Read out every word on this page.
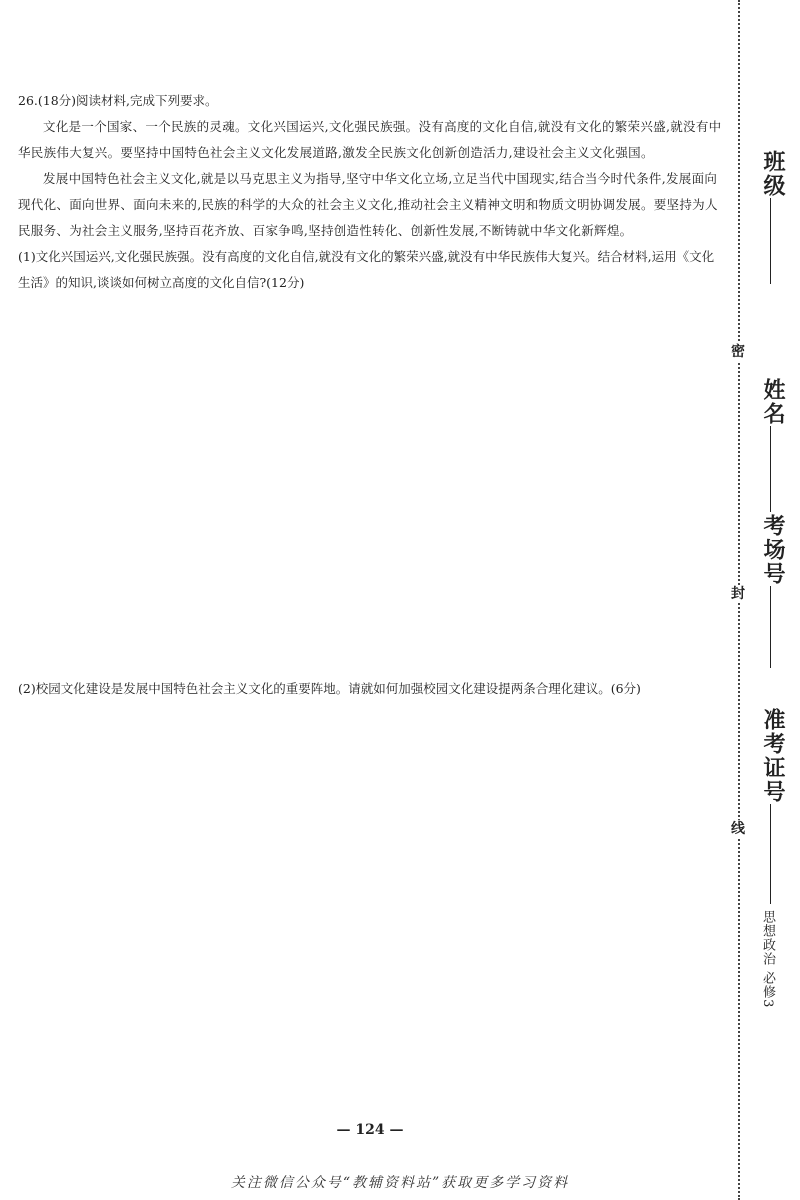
26.(18分)阅读材料,完成下列要求。

文化是一个国家、一个民族的灵魂。文化兴国运兴,文化强民族强。没有高度的文化自信,就没有文化的繁荣兴盛,就没有中华民族伟大复兴。要坚持中国特色社会主义文化发展道路,激发全民族文化创新创造活力,建设社会主义文化强国。

发展中国特色社会主义文化,就是以马克思主义为指导,坚守中华文化立场,立足当代中国现实,结合当今时代条件,发展面向现代化、面向世界、面向未来的,民族的科学的大众的社会主义文化,推动社会主义精神文明和物质文明协调发展。要坚持为人民服务、为社会主义服务,坚持百花齐放、百家争鸣,坚持创造性转化、创新性发展,不断铸就中华文化新辉煌。

(1)文化兴国运兴,文化强民族强。没有高度的文化自信,就没有文化的繁荣兴盛,就没有中华民族伟大复兴。结合材料,运用《文化生活》的知识,谈谈如何树立高度的文化自信?(12分)

(2)校园文化建设是发展中国特色社会主义文化的重要阵地。请就如何加强校园文化建设提两条合理化建议。(6分)

— 124 —
关注微信公众号“教辅资料站”获取更多学习资料
密
封
线
班级
姓名
考场号
准考证号
思想政治 必修3
